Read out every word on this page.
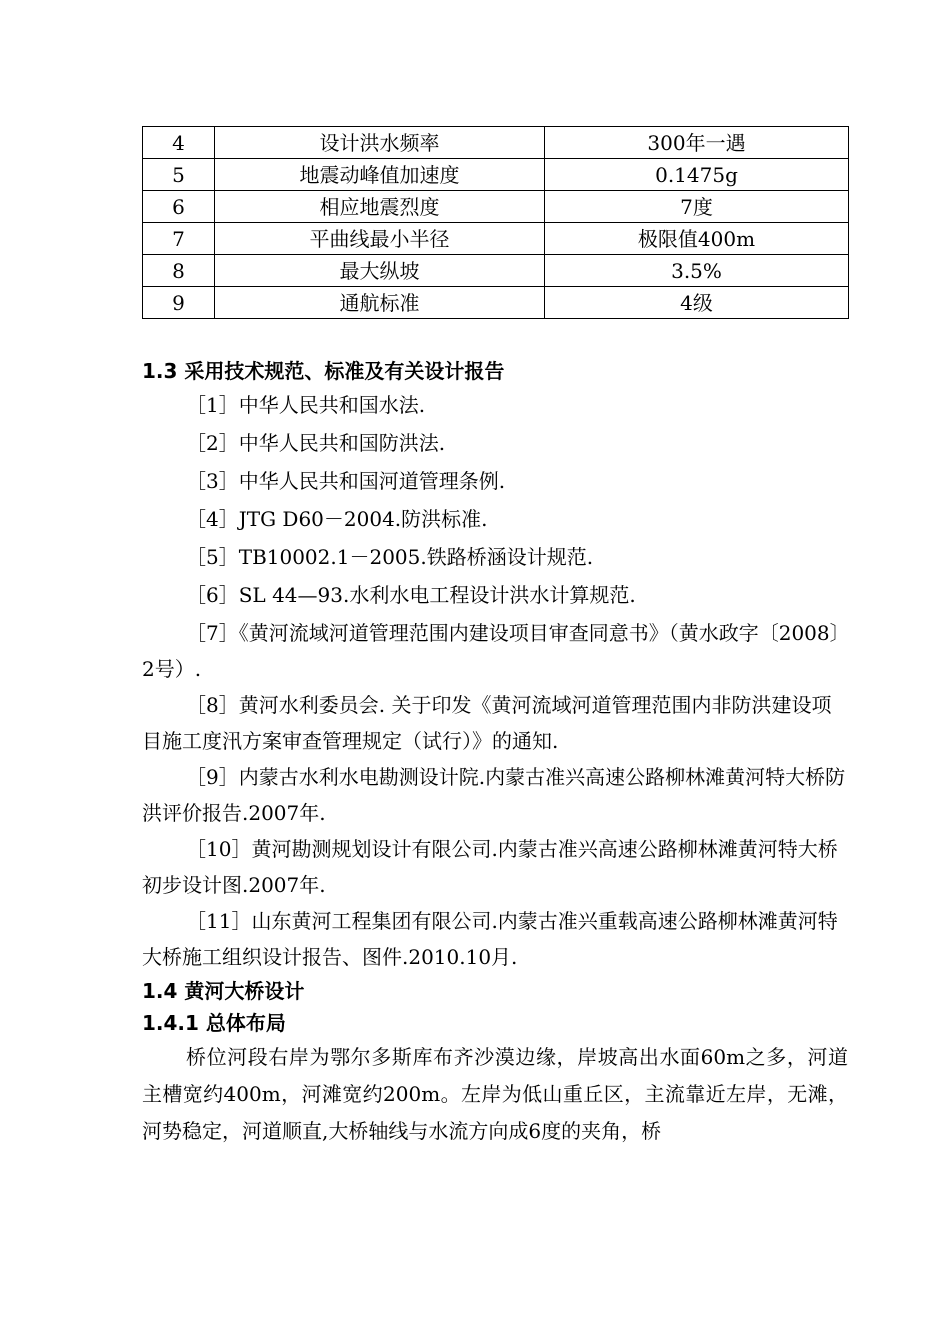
4	设计洪水频率	300年一遇
5	地震动峰值加速度	0.1475g
6	相应地震烈度	7度
7	平曲线最小半径	极限值400m
8	最大纵坡	3.5%
9	通航标准	4级
1.3 采用技术规范、标准及有关设计报告

［1］中华人民共和国水法.

［2］中华人民共和国防洪法.

［3］中华人民共和国河道管理条例.

［4］JTG D60－2004.防洪标准.

［5］TB10002.1－2005.铁路桥涵设计规范.

［6］SL 44—93.水利水电工程设计洪水计算规范.

［7］《黄河流域河道管理范围内建设项目审查同意书》（黄水政字〔2008〕2号）.

［8］黄河水利委员会. 关于印发《黄河流域河道管理范围内非防洪建设项目施工度汛方案审查管理规定（试行）》的通知.

［9］内蒙古水利水电勘测设计院.内蒙古准兴高速公路柳林滩黄河特大桥防洪评价报告.2007年.

［10］黄河勘测规划设计有限公司.内蒙古准兴高速公路柳林滩黄河特大桥初步设计图.2007年.

［11］山东黄河工程集团有限公司.内蒙古准兴重载高速公路柳林滩黄河特大桥施工组织设计报告、图件.2010.10月.

1.4 黄河大桥设计
1.4.1 总体布局

桥位河段右岸为鄂尔多斯库布齐沙漠边缘，岸坡高出水面60m之多，河道主槽宽约400m，河滩宽约200m。左岸为低山重丘区，主流靠近左岸，无滩，河势稳定，河道顺直,大桥轴线与水流方向成6度的夹角，桥
